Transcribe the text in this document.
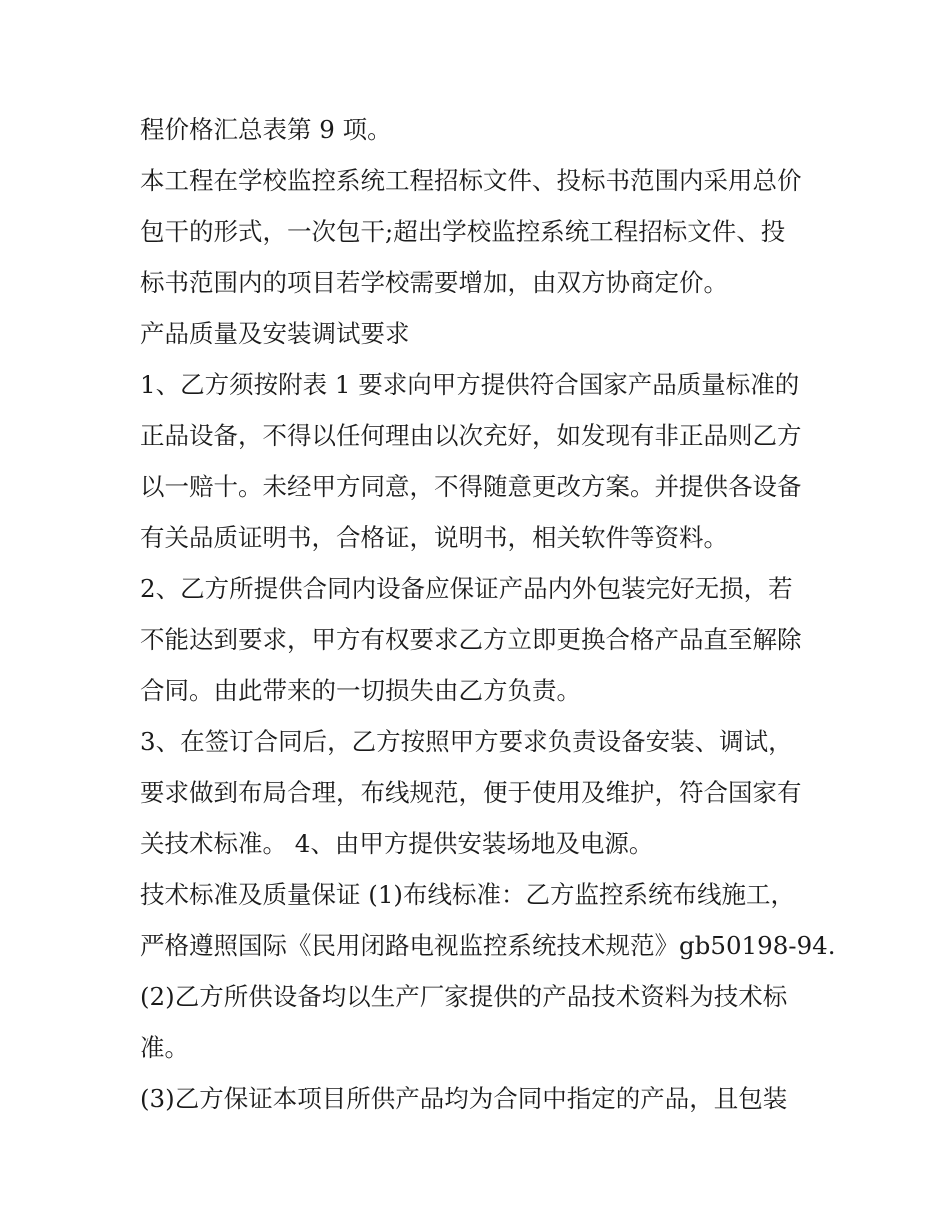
程价格汇总表第 9 项。
本工程在学校监控系统工程招标文件、投标书范围内采用总价
包干的形式，一次包干;超出学校监控系统工程招标文件、投
标书范围内的项目若学校需要增加，由双方协商定价。
产品质量及安装调试要求
1、乙方须按附表 1 要求向甲方提供符合国家产品质量标准的
正品设备，不得以任何理由以次充好，如发现有非正品则乙方
以一赔十。未经甲方同意，不得随意更改方案。并提供各设备
有关品质证明书，合格证，说明书，相关软件等资料。
2、乙方所提供合同内设备应保证产品内外包装完好无损，若
不能达到要求，甲方有权要求乙方立即更换合格产品直至解除
合同。由此带来的一切损失由乙方负责。
3、在签订合同后，乙方按照甲方要求负责设备安装、调试，
要求做到布局合理，布线规范，便于使用及维护，符合国家有
关技术标准。 4、由甲方提供安装场地及电源。
技术标准及质量保证 (1)布线标准：乙方监控系统布线施工，
严格遵照国际《民用闭路电视监控系统技术规范》gb50198-94.
(2)乙方所供设备均以生产厂家提供的产品技术资料为技术标
准。
(3)乙方保证本项目所供产品均为合同中指定的产品，且包装
